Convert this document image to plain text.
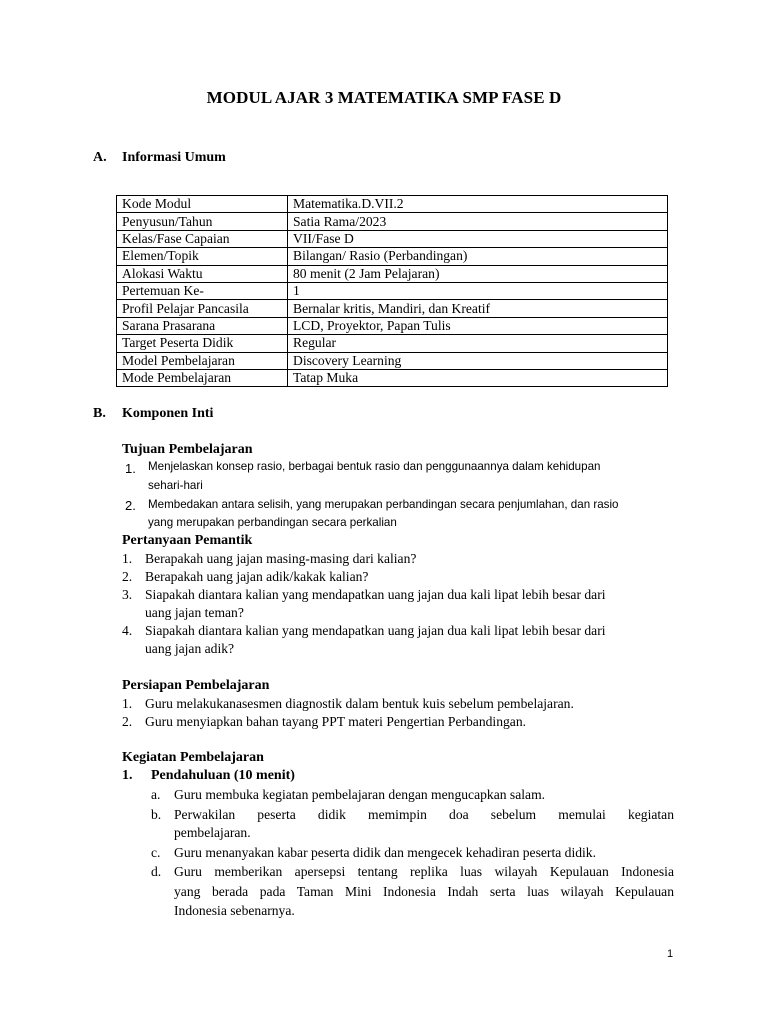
MODUL AJAR 3 MATEMATIKA SMP FASE D
A. Informasi Umum
Kode Modul	Matematika.D.VII.2
Penyusun/Tahun	Satia Rama/2023
Kelas/Fase Capaian	VII/Fase D
Elemen/Topik	Bilangan/ Rasio (Perbandingan)
Alokasi Waktu	80 menit (2 Jam Pelajaran)
Pertemuan Ke-	1
Profil Pelajar Pancasila	Bernalar kritis, Mandiri, dan Kreatif
Sarana Prasarana	LCD, Proyektor, Papan Tulis
Target Peserta Didik	Regular
Model Pembelajaran	Discovery Learning
Mode Pembelajaran	Tatap Muka
B. Komponen Inti
Tujuan Pembelajaran
1. Menjelaskan konsep rasio, berbagai bentuk rasio dan penggunaannya dalam kehidupan
sehari-hari
2. Membedakan antara selisih, yang merupakan perbandingan secara penjumlahan, dan rasio
yang merupakan perbandingan secara perkalian
Pertanyaan Pemantik
1. Berapakah uang jajan masing-masing dari kalian?
2. Berapakah uang jajan adik/kakak kalian?
3. Siapakah diantara kalian yang mendapatkan uang jajan dua kali lipat lebih besar dari
uang jajan teman?
4. Siapakah diantara kalian yang mendapatkan uang jajan dua kali lipat lebih besar dari
uang jajan adik?
Persiapan Pembelajaran
1. Guru melakukanasesmen diagnostik dalam bentuk kuis sebelum pembelajaran.
2. Guru menyiapkan bahan tayang PPT materi Pengertian Perbandingan.
Kegiatan Pembelajaran
1. Pendahuluan (10 menit)
a. Guru membuka kegiatan pembelajaran dengan mengucapkan salam.
b. Perwakilan peserta didik memimpin doa sebelum memulai kegiatan
pembelajaran.
c. Guru menanyakan kabar peserta didik dan mengecek kehadiran peserta didik.
d. Guru memberikan apersepsi tentang replika luas wilayah Kepulauan Indonesia
yang berada pada Taman Mini Indonesia Indah serta luas wilayah Kepulauan
Indonesia sebenarnya.
1
